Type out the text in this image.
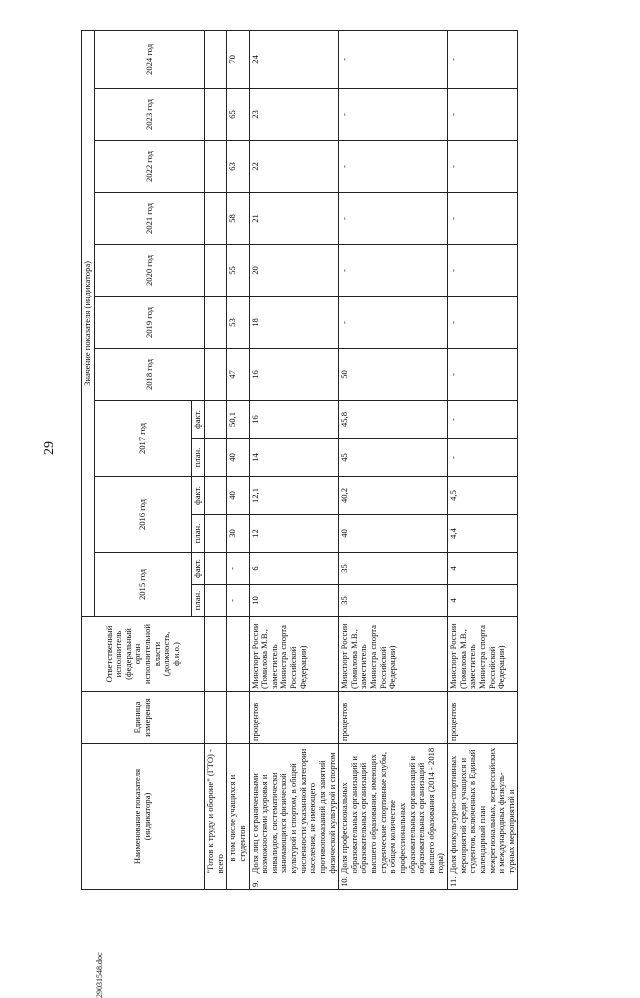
29
29031548.doc
Наименование показателя (индикатора)		Единица измерения	Ответственный исполнитель (федеральный орган исполнительной власти (должность, ф.и.о.)	Значение показателя (индикатора)												
				2015 год		2016 год		2017 год		2018 год	2019 год	2020 год	2021 год	2022 год	2023 год	2024 год
				план.	факт.	план.	факт.	план.	факт.							
	"Готов к труду и обороне" (ГТО) - всего															
	в том числе учащихся и студентов			-	-	30	40	40	50,1	47	53	55	58	63	65	70
9.	Доля лиц с ограниченными возможностями здоровья и инвалидов, систематически занимающихся физической культурой и спортом, в общей численности указанной категории населения, не имеющего противопоказаний для занятий физической культурой и спортом	процентов	Минспорт России (Томилова М.В., заместитель Министра спорта Российской Федерации)	10	6	12	12,1	14	16	16	18	20	21	22	23	24
10.	Доля профессиональных образовательных организаций и образовательных организаций высшего образования, имеющих студенческие спортивные клубы, в общем количестве профессиональных образовательных организаций и образовательных организаций высшего образования (2014 - 2018 годы)	процентов	Минспорт России (Томилова М.В., заместитель Министра спорта Российской Федерации)	35	35	40	40,2	45	45,8	50	-	-	-	-	-	-
11.	Доля физкультурно-спортивных мероприятий среди учащихся и студентов, включенных в Единый календарный план межрегиональных, всероссийских и международных физкуль-турных мероприятий и	процентов	Минспорт России (Томилова М.В., заместитель Министра спорта Российской Федерации)	4	4	4,4	4,5	-	-	-	-	-	-	-	-	-
